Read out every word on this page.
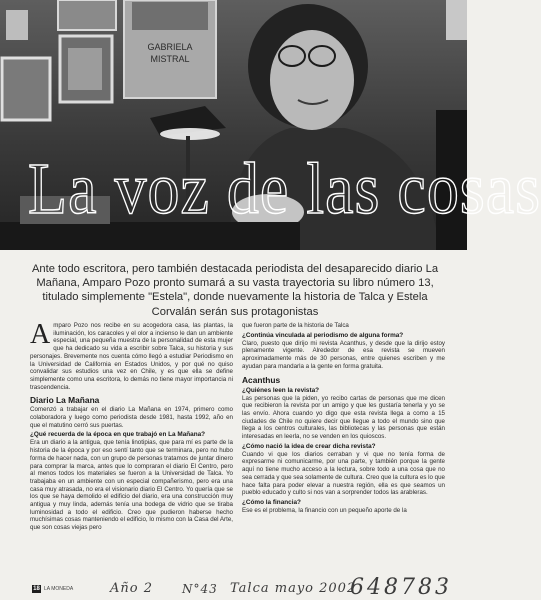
GABRIELA
MISTRAL
La voz de las cosas
Ante todo escritora, pero también destacada periodista del desaparecido diario La Mañana, Amparo Pozo pronto sumará a su vasta trayectoria su libro número 13, titulado simplemente "Estela", donde nuevamente la historia de Talca y Estela Corvalán serán sus protagonistas

A mparo Pozo nos recibe en su acogedora casa, las plantas, la iluminación, los caracoles y el olor a incienso le dan un ambiente especial, una pequeña muestra de la personalidad de esta mujer que ha dedicado su vida a escribir sobre Talca, su historia y sus personajes. Brevemente nos cuenta cómo llegó a estudiar Periodismo en la Universidad de California en Estados Unidos, y por qué no quiso convalidar sus estudios una vez en Chile, y es que ella se define simplemente como una escritora, lo demás no tiene mayor importancia ni trascendencia.

Diario La Mañana

Comenzó a trabajar en el diario La Mañana en 1974, primero como colaboradora y luego como periodista desde 1981, hasta 1992, año en que el matutino cerró sus puertas.

¿Qué recuerda de la época en que trabajó en La Mañana?

Era un diario a la antigua, que tenía linotipias, que para mí es parte de la historia de la época y por eso sentí tanto que se terminara, pero no hubo forma de hacer nada, con un grupo de personas tratamos de juntar dinero para comprar la marca, antes que lo compraran el diario El Centro, pero al menos todos los materiales se fueron a la Universidad de Talca. Yo trabajaba en un ambiente con un especial compañerismo, pero era una casa muy atrasada, no era el visionario diario El Centro. Yo quería que se los que se haya demolido el edificio del diario, era una construcción muy antigua y muy linda, además tenía una bodega de vidrio que se tiraba luminosidad a todo el edificio. Creo que pudieron haberse hecho muchísimas cosas manteniendo el edificio, lo mismo con la Casa del Arte, que son cosas viejas pero

que fueron parte de la historia de Talca

¿Continúa vinculada al periodismo de alguna forma?

Claro, puesto que dirijo mi revista Acanthus, y desde que la dirijo estoy plenamente vigente. Alrededor de esa revista se mueven aproximadamente más de 30 personas, entre quienes escriben y me ayudan para mandarla a la gente en forma gratuita.

Acanthus
¿Quiénes leen la revista?

Las personas que la piden, yo recibo cartas de personas que me dicen que recibieron la revista por un amigo y que les gustaría tenerla y yo se las envío. Ahora cuando yo digo que esta revista llega a como a 15 ciudades de Chile no quiere decir que llegue a todo el mundo sino que llega a los centros culturales, las bibliotecas y las personas que están interesadas en leerla, no se venden en los quioscos.

¿Cómo nació la idea de crear dicha revista?

Cuando vi que los diarios cerraban y vi que no tenía forma de expresarme ni comunicarme, por una parte, y también porque la gente aquí no tiene mucho acceso a la lectura, sobre todo a una cosa que no sea cerrada y que sea solamente de cultura. Creo que la cultura es lo que hace falta para poder elevar a nuestra región, ella es que seamos un pueblo educado y culto si nos van a sorprender todos las arableras.

¿Cómo la financia?

Ese es el problema, la financio con un pequeño aporte de la

18 LA MONEDA	Año 2 N°43 Talca mayo 2002
648783
